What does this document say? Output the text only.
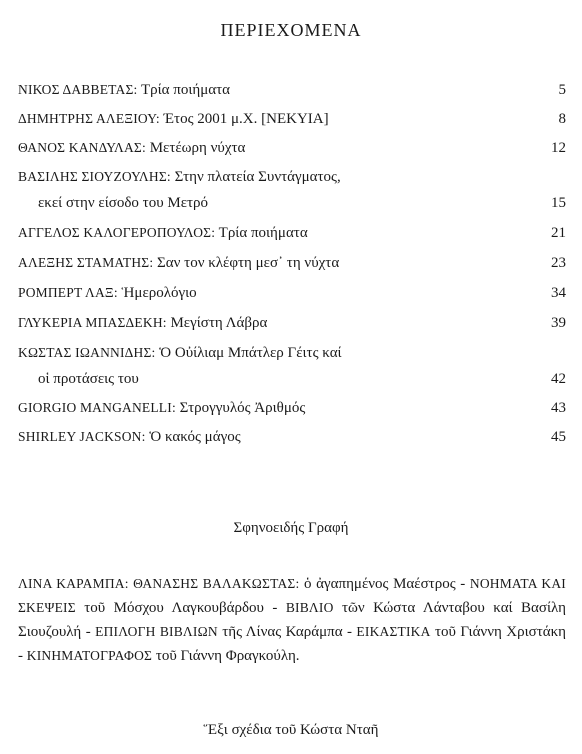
ΠΕΡΙΕΧΟΜΕΝΑ
ΝΙΚΟΣ ΔΑΒΒΕΤΑΣ: Τρία ποιήματα	5
ΔΗΜΗΤΡΗΣ ΑΛΕΞΙΟΥ: Έτος 2001 μ.Χ. [ΝΕΚΥΙΑ]	8
ΘΑΝΟΣ ΚΑΝΔΥΛΑΣ: Μετέωρη νύχτα	12
ΒΑΣΙΛΗΣ ΣΙΟΥΖΟΥΛΗΣ: Στην πλατεία Συντάγματος,
εκεί στην είσοδο του Μετρό	15
ΑΓΓΕΛΟΣ ΚΑΛΟΓΕΡΟΠΟΥΛΟΣ: Τρία ποιήματα	21
ΑΛΕΞΗΣ ΣΤΑΜΑΤΗΣ: Σαν τον κλέφτη μεσ᾽ τη νύχτα	23
ΡΟΜΠΕΡΤ ΛΑΞ: Ἡμερολόγιο	34
ΓΛΥΚΕΡΙΑ ΜΠΑΣΔΕΚΗ: Μεγίστη Λάβρα	39
ΚΩΣΤΑΣ ΙΩΑΝΝΙΔΗΣ: Ὁ Οὐίλιαμ Μπάτλερ Γέιτς καί
οἱ προτάσεις του	42
GIORGIO MANGANELLI: Στρογγυλός Ἀριθμός	43
SHIRLEY JACKSON: Ὁ κακός μάγος	45
Σφηνοειδής Γραφή
ΛΙΝΑ ΚΑΡΑΜΠΑ: ΘΑΝΑΣΗΣ ΒΑΛΑΚΩΣΤΑΣ: ὁ ἀγαπημένος Μαέστρος - ΝΟΗΜΑΤΑ ΚΑΙ ΣΚΕΨΕΙΣ τοῦ Μόσχου Λαγκουβάρδου - ΒΙΒΛΙΟ τῶν Κώστα Λάνταβου καί Βασίλη Σιουζουλή - ΕΠΙΛΟΓΗ ΒΙΒΛΙΩΝ τῆς Λίνας Καράμπα - ΕΙΚΑΣΤΙΚΑ τοῦ Γιάννη Χριστάκη - ΚΙΝΗΜΑΤΟΓΡΑΦΟΣ τοῦ Γιάννη Φραγκούλη.
Ἕξι σχέδια τοῦ Κώστα Νταῆ
